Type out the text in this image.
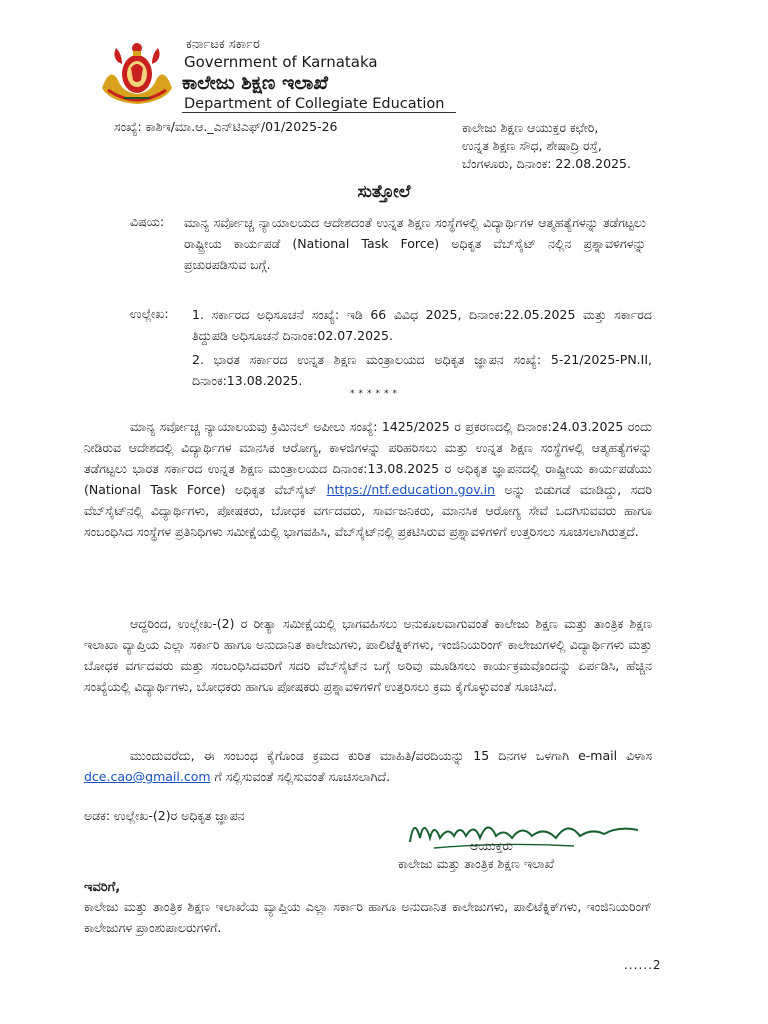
ಕರ್ನಾಟಕ ಸರ್ಕಾರ
Government of Karnataka
ಕಾಲೇಜು ಶಿಕ್ಷಣ ಇಲಾಖೆ
Department of Collegiate Education
ಸಂಖ್ಯೆ: ಕಾಶಿಇ/ಮಾ.ಆ._ಎನ್‌ಟಿಎಫ್/01/2025-26	ಕಾಲೇಜು ಶಿಕ್ಷಣ ಆಯುಕ್ತರ ಕಛೇರಿ,
ಉನ್ನತ ಶಿಕ್ಷಣ ಸೌಧ, ಶೇಷಾದ್ರಿ ರಸ್ತೆ,
ಬೆಂಗಳೂರು, ದಿನಾಂಕ: 22.08.2025.
ಸುತ್ತೋಲೆ
ವಿಷಯ: ಮಾನ್ಯ ಸರ್ವೋಚ್ಚ ನ್ಯಾಯಾಲಯದ ಆದೇಶದಂತೆ ಉನ್ನತ ಶಿಕ್ಷಣ ಸಂಸ್ಥೆಗಳಲ್ಲಿ ವಿದ್ಯಾರ್ಥಿಗಳ ಆತ್ಮಹತ್ಯೆಗಳನ್ನು ತಡೆಗಟ್ಟಲು ರಾಷ್ಟ್ರೀಯ ಕಾರ್ಯಪಡೆ (National Task Force) ಅಧಿಕೃತ ವೆಬ್‌ಸೈಟ್ ನಲ್ಲಿನ ಪ್ರಶ್ನಾವಳಿಗಳನ್ನು ಪ್ರಚುರಪಡಿಸುವ ಬಗ್ಗೆ.
ಉಲ್ಲೇಖ: 1. ಸರ್ಕಾರದ ಅಧಿಸೂಚನೆ ಸಂಖ್ಯೆ: ಇಡಿ 66 ವಿವಿಧ 2025, ದಿನಾಂಕ:22.05.2025 ಮತ್ತು ಸರ್ಕಾರದ ತಿದ್ದುಪಡಿ ಅಧಿಸೂಚನೆ ದಿನಾಂಕ:02.07.2025.
2. ಭಾರತ ಸರ್ಕಾರದ ಉನ್ನತ ಶಿಕ್ಷಣ ಮಂತ್ರಾಲಯದ ಅಧಿಕೃತ ಜ್ಞಾಪನ ಸಂಖ್ಯೆ: 5-21/2025-PN.II, ದಿನಾಂಕ:13.08.2025.
******
ಮಾನ್ಯ ಸರ್ವೋಚ್ಚ ನ್ಯಾಯಾಲಯವು ಕ್ರಿಮಿನಲ್ ಅಪೀಲು ಸಂಖ್ಯೆ: 1425/2025 ರ ಪ್ರಕರಣದಲ್ಲಿ ದಿನಾಂಕ:24.03.2025 ರಂದು ನೀಡಿರುವ ಆದೇಶದಲ್ಲಿ ವಿದ್ಯಾರ್ಥಿಗಳ ಮಾನಸಿಕ ಆರೋಗ್ಯ, ಕಾಳಜಿಗಳನ್ನು ಪರಿಹರಿಸಲು ಮತ್ತು ಉನ್ನತ ಶಿಕ್ಷಣ ಸಂಸ್ಥೆಗಳಲ್ಲಿ ಆತ್ಮಹತ್ಯೆಗಳನ್ನು ತಡೆಗಟ್ಟಲು ಭಾರತ ಸರ್ಕಾರದ ಉನ್ನತ ಶಿಕ್ಷಣ ಮಂತ್ರಾಲಯದ ದಿನಾಂಕ:13.08.2025 ರ ಅಧಿಕೃತ ಜ್ಞಾಪನದಲ್ಲಿ ರಾಷ್ಟ್ರೀಯ ಕಾರ್ಯಪಡೆಯು (National Task Force) ಅಧಿಕೃತ ವೆಬ್‌ಸೈಟ್ https://ntf.education.gov.in ಅನ್ನು ಬಿಡುಗಡೆ ಮಾಡಿದ್ದು, ಸದರಿ ವೆಬ್‌ಸೈಟ್‌ನಲ್ಲಿ ವಿದ್ಯಾರ್ಥಿಗಳು, ಪೋಷಕರು, ಬೋಧಕ ವರ್ಗದವರು, ಸಾರ್ವಜನಿಕರು, ಮಾನಸಿಕ ಆರೋಗ್ಯ ಸೇವೆ ಒದಗಿಸುವವರು ಹಾಗೂ ಸಂಬಂಧಿಸಿದ ಸಂಸ್ಥೆಗಳ ಪ್ರತಿನಿಧಿಗಳು ಸಮೀಕ್ಷೆಯಲ್ಲಿ ಭಾಗವಹಿಸಿ, ವೆಬ್‌ಸೈಟ್‌ನಲ್ಲಿ ಪ್ರಕಟಿಸಿರುವ ಪ್ರಶ್ನಾವಳಿಗಳಿಗೆ ಉತ್ತರಿಸಲು ಸೂಚಿಸಲಾಗಿರುತ್ತದೆ.
ಆದ್ದರಿಂದ, ಉಲ್ಲೇಖ-(2) ರ ರೀತ್ಯಾ ಸಮೀಕ್ಷೆಯಲ್ಲಿ ಭಾಗವಹಿಸಲು ಅನುಕೂಲವಾಗುವಂತೆ ಕಾಲೇಜು ಶಿಕ್ಷಣ ಮತ್ತು ತಾಂತ್ರಿಕ ಶಿಕ್ಷಣ ಇಲಾಖಾ ವ್ಯಾಪ್ತಿಯ ಎಲ್ಲಾ ಸರ್ಕಾರಿ ಹಾಗೂ ಅನುದಾನಿತ ಕಾಲೇಜುಗಳು, ಪಾಲಿಟೆಕ್ನಿಕ್‌ಗಳು, ಇಂಜಿನಿಯರಿಂಗ್ ಕಾಲೇಜುಗಳಲ್ಲಿ ವಿದ್ಯಾರ್ಥಿಗಳು ಮತ್ತು ಬೋಧಕ ವರ್ಗದವರು ಮತ್ತು ಸಂಬಂಧಿಸಿದವರಿಗೆ ಸದರಿ ವೆಬ್‌ಸೈಟ್‌ನ ಬಗ್ಗೆ ಅರಿವು ಮೂಡಿಸಲು ಕಾರ್ಯಕ್ರಮವೊಂದನ್ನು ಏರ್ಪಡಿಸಿ, ಹೆಚ್ಚಿನ ಸಂಖ್ಯೆಯಲ್ಲಿ ವಿದ್ಯಾರ್ಥಿಗಳು, ಬೋಧಕರು ಹಾಗೂ ಪೋಷಕರು ಪ್ರಶ್ನಾವಳಿಗಳಿಗೆ ಉತ್ತರಿಸಲು ಕ್ರಮ ಕೈಗೊಳ್ಳುವಂತೆ ಸೂಚಿಸಿದೆ.
ಮುಂದುವರೆದು, ಈ ಸಂಬಂಧ ಕೈಗೊಂಡ ಕ್ರಮದ ಕುರಿತ ಮಾಹಿತಿ/ವರದಿಯನ್ನು 15 ದಿನಗಳ ಒಳಗಾಗಿ e-mail ವಿಳಾಸ dce.cao@gmail.com ಗೆ ಸಲ್ಲಿಸುವಂತೆ ಸಲ್ಲಿಸುವಂತೆ ಸೂಚಿಸಲಾಗಿದೆ.
ಅಡಕ: ಉಲ್ಲೇಖ-(2)ರ ಅಧಿಕೃತ ಜ್ಞಾಪನ
ಆಯುಕ್ತರು
ಕಾಲೇಜು ಮತ್ತು ತಾಂತ್ರಿಕ ಶಿಕ್ಷಣ ಇಲಾಖೆ
ಇವರಿಗೆ,
ಕಾಲೇಜು ಮತ್ತು ತಾಂತ್ರಿಕ ಶಿಕ್ಷಣ ಇಲಾಖೆಯ ವ್ಯಾಪ್ತಿಯ ಎಲ್ಲಾ ಸರ್ಕಾರಿ ಹಾಗೂ ಅನುದಾನಿತ ಕಾಲೇಜುಗಳು, ಪಾಲಿಟೆಕ್ನಿಕ್‌ಗಳು, ಇಂಜಿನಿಯರಿಂಗ್ ಕಾಲೇಜುಗಳ ಪ್ರಾಂಶುಪಾಲರುಗಳಿಗೆ.
......2
